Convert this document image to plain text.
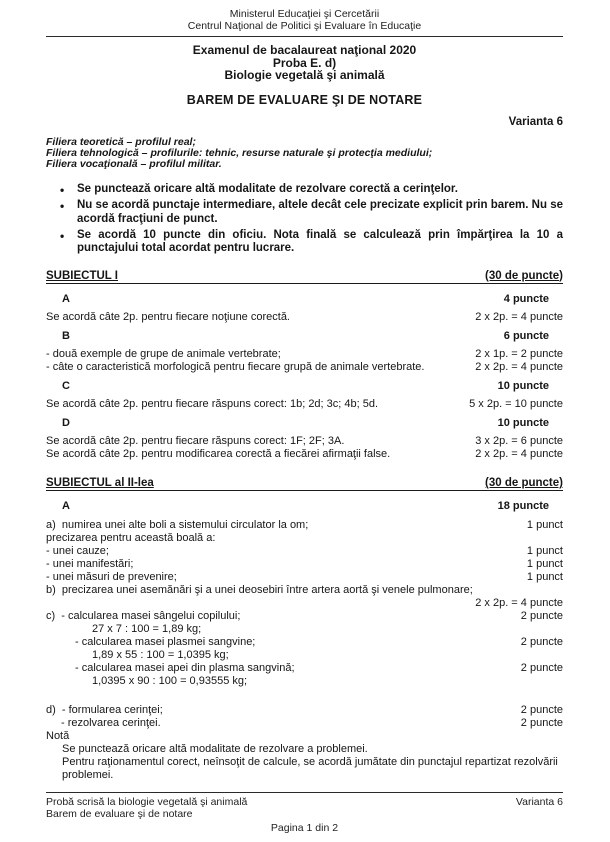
Ministerul Educaţiei şi Cercetării
Centrul Naţional de Politici şi Evaluare în Educaţie
Examenul de bacalaureat naţional 2020
Proba E. d)
Biologie vegetală şi animală
BAREM DE EVALUARE ŞI DE NOTARE
Varianta 6
Filiera teoretică – profilul real;
Filiera tehnologică – profilurile: tehnic, resurse naturale şi protecţia mediului;
Filiera vocaţională – profilul militar.
•
Se punctează oricare altă modalitate de rezolvare corectă a cerinţelor.
•
Nu se acordă punctaje intermediare, altele decât cele precizate explicit prin barem. Nu se acordă fracţiuni de punct.
•
Se acordă 10 puncte din oficiu. Nota finală se calculează prin împărţirea la 10 a punctajului total acordat pentru lucrare.
SUBIECTUL I	(30 de puncte)
A	4 puncte
Se acordă câte 2p. pentru fiecare noţiune corectă.	2 x 2p. = 4 puncte
B	6 puncte
- două exemple de grupe de animale vertebrate;	2 x 1p. = 2 puncte
- câte o caracteristică morfologică pentru fiecare grupă de animale vertebrate.	2 x 2p. = 4 puncte
C	10 puncte
Se acordă câte 2p. pentru fiecare răspuns corect: 1b; 2d; 3c; 4b; 5d.	5 x 2p. = 10 puncte
D	10 puncte
Se acordă câte 2p. pentru fiecare răspuns corect: 1F; 2F; 3A.	3 x 2p. = 6 puncte
Se acordă câte 2p. pentru modificarea corectă a fiecărei afirmaţii false.	2 x 2p. = 4 puncte
SUBIECTUL al II-lea	(30 de puncte)
A	18 puncte
a)  numirea unei alte boli a sistemului circulator la om;	1 punct
precizarea pentru această boală a:
- unei cauze;	1 punct
- unei manifestări;	1 punct
- unei măsuri de prevenire;	1 punct
b)  precizarea unei asemănări şi a unei deosebiri între artera aortă şi venele pulmonare;
2 x 2p. = 4 puncte
c)  - calcularea masei sângelui copilului;	2 puncte
27 x 7 : 100 = 1,89 kg;
- calcularea masei plasmei sangvine;	2 puncte
1,89 x 55 : 100 = 1,0395 kg;
- calcularea masei apei din plasma sangvină;	2 puncte
1,0395 x 90 : 100 = 0,93555 kg;
d)  - formularea cerinţei;	2 puncte
- rezolvarea cerinţei.	2 puncte
Notă
Se punctează oricare altă modalitate de rezolvare a problemei.
Pentru raţionamentul corect, neînsoţit de calcule, se acordă jumătate din punctajul repartizat rezolvării problemei.
Probă scrisă la biologie vegetală şi animală
Barem de evaluare şi de notare
Varianta 6
Pagina 1 din 2
